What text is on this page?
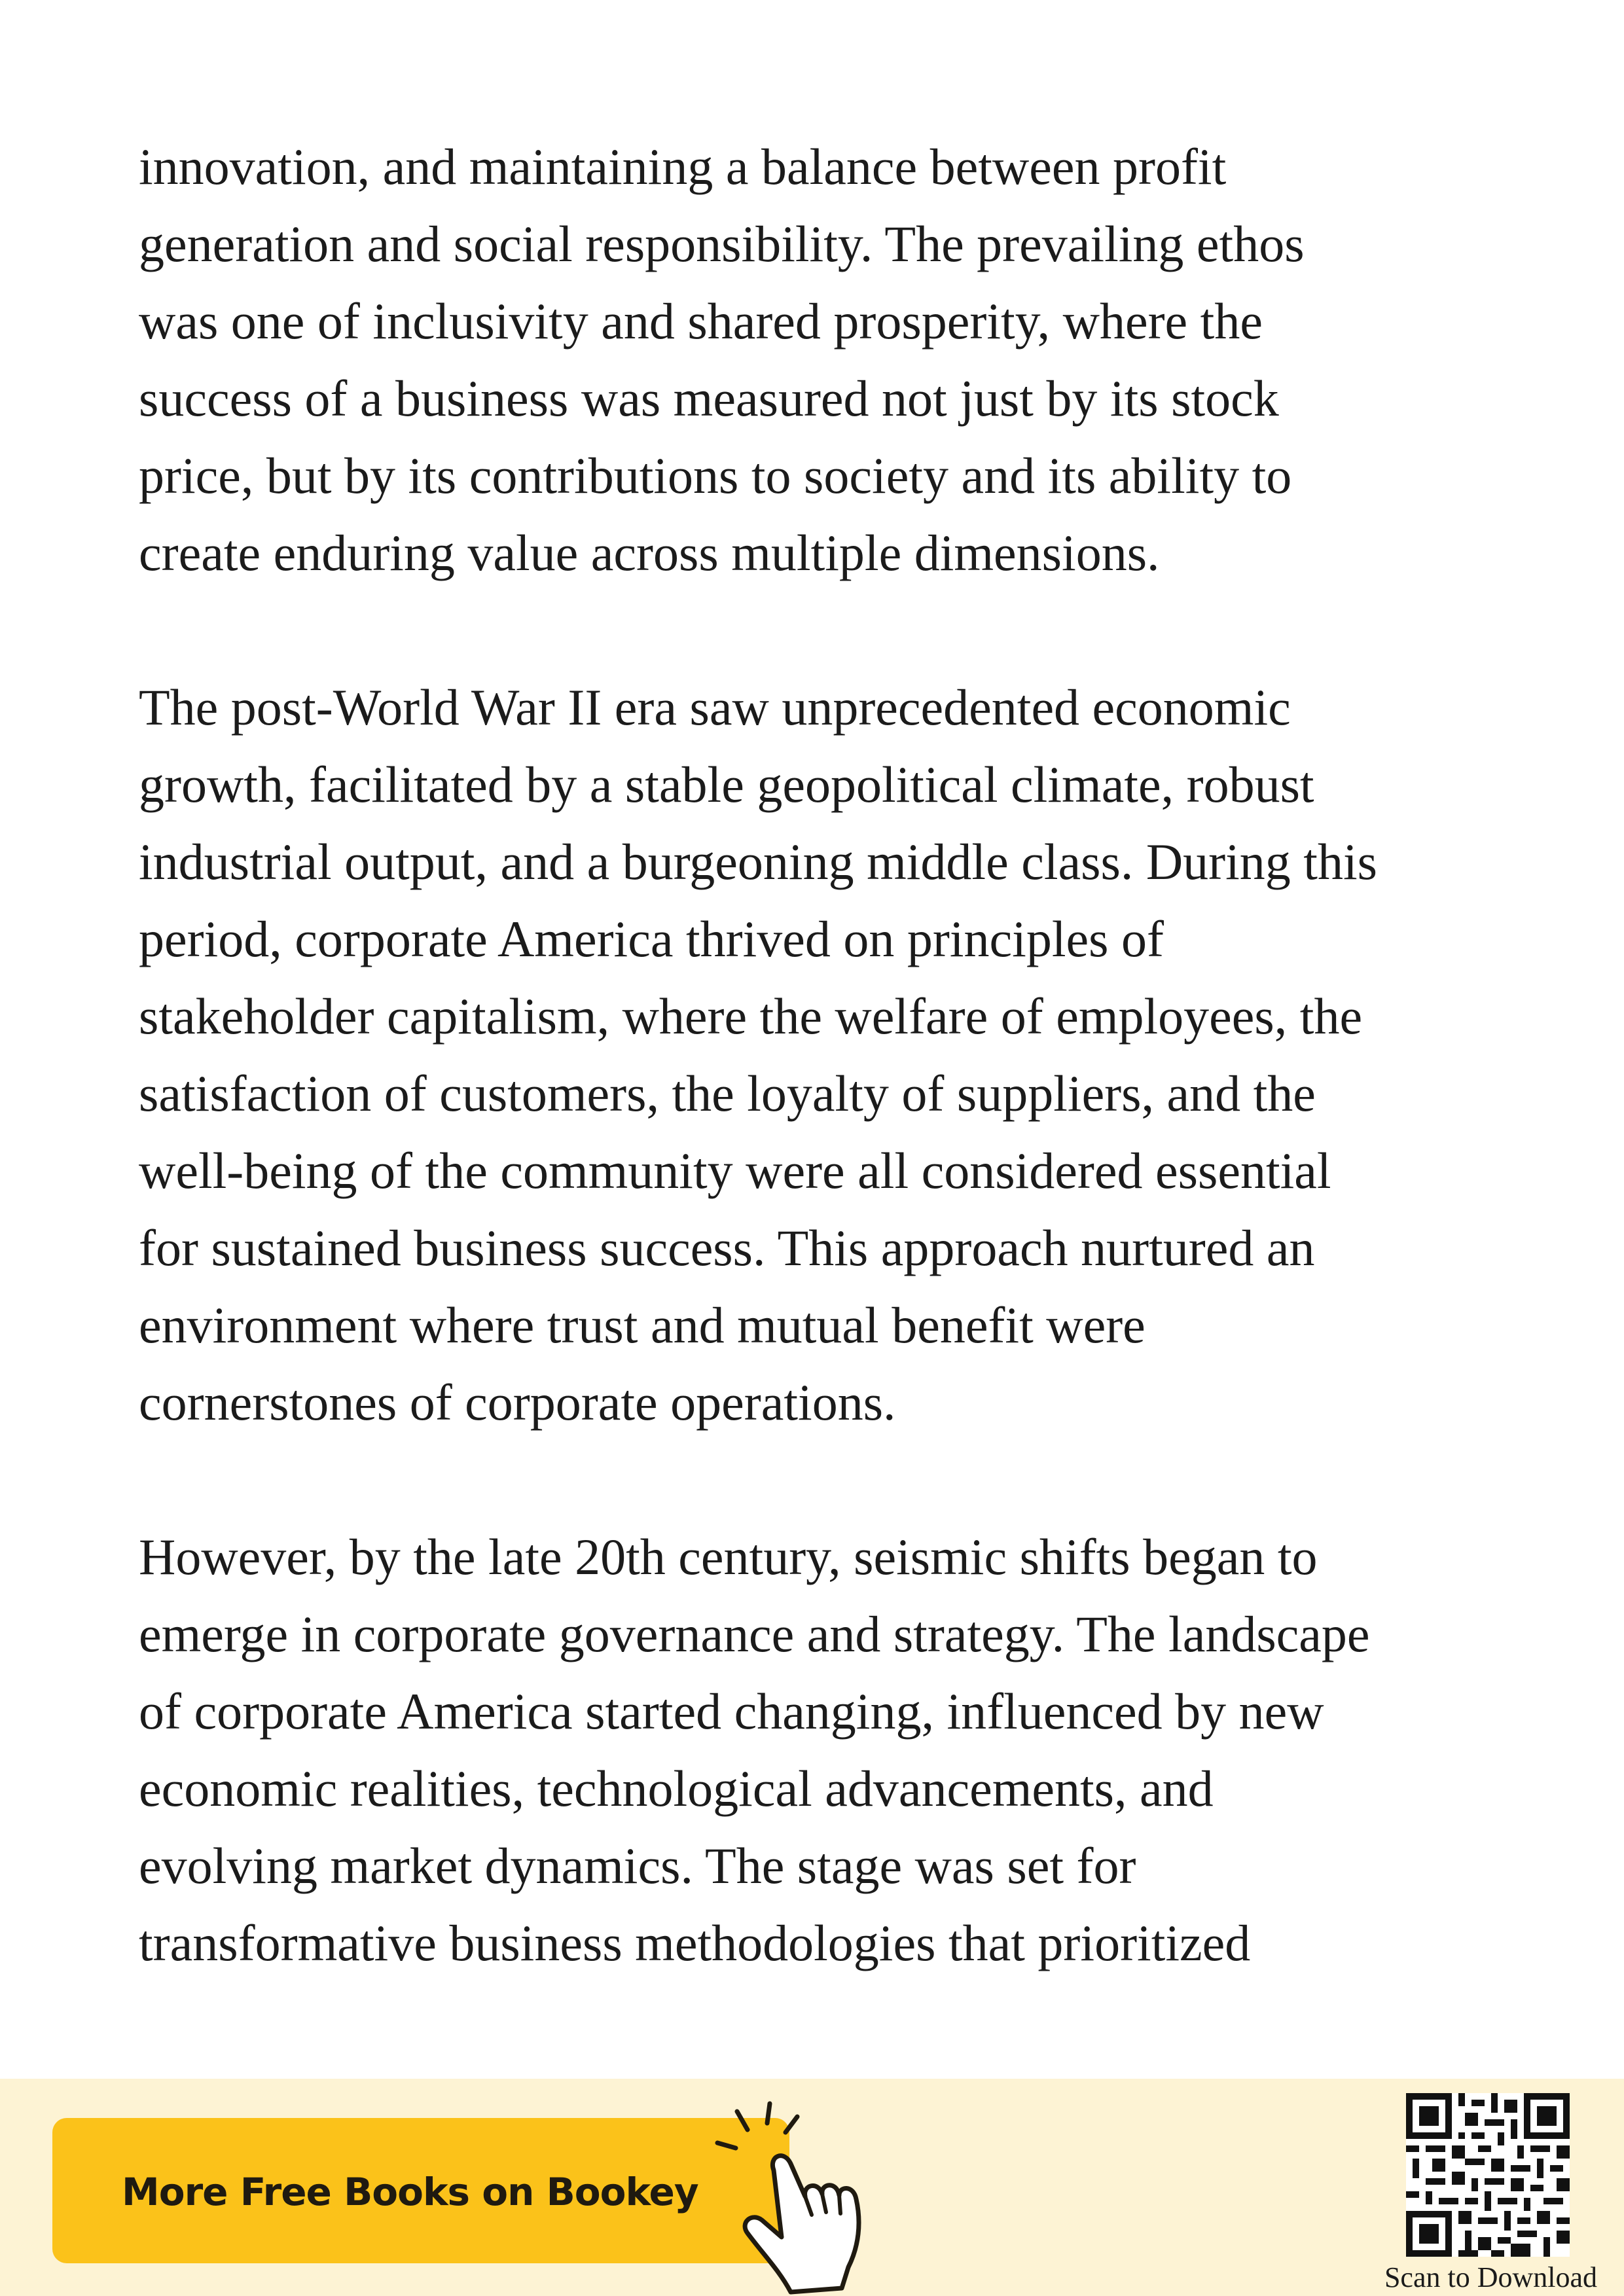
innovation, and maintaining a balance between profit
generation and social responsibility. The prevailing ethos
was one of inclusivity and shared prosperity, where the
success of a business was measured not just by its stock
price, but by its contributions to society and its ability to
create enduring value across multiple dimensions.

The post-World War II era saw unprecedented economic
growth, facilitated by a stable geopolitical climate, robust
industrial output, and a burgeoning middle class. During this
period, corporate America thrived on principles of
stakeholder capitalism, where the welfare of employees, the
satisfaction of customers, the loyalty of suppliers, and the
well-being of the community were all considered essential
for sustained business success. This approach nurtured an
environment where trust and mutual benefit were
cornerstones of corporate operations.

However, by the late 20th century, seismic shifts began to
emerge in corporate governance and strategy. The landscape
of corporate America started changing, influenced by new
economic realities, technological advancements, and
evolving market dynamics. The stage was set for
transformative business methodologies that prioritized

More Free Books on Bookey
Scan to Download
